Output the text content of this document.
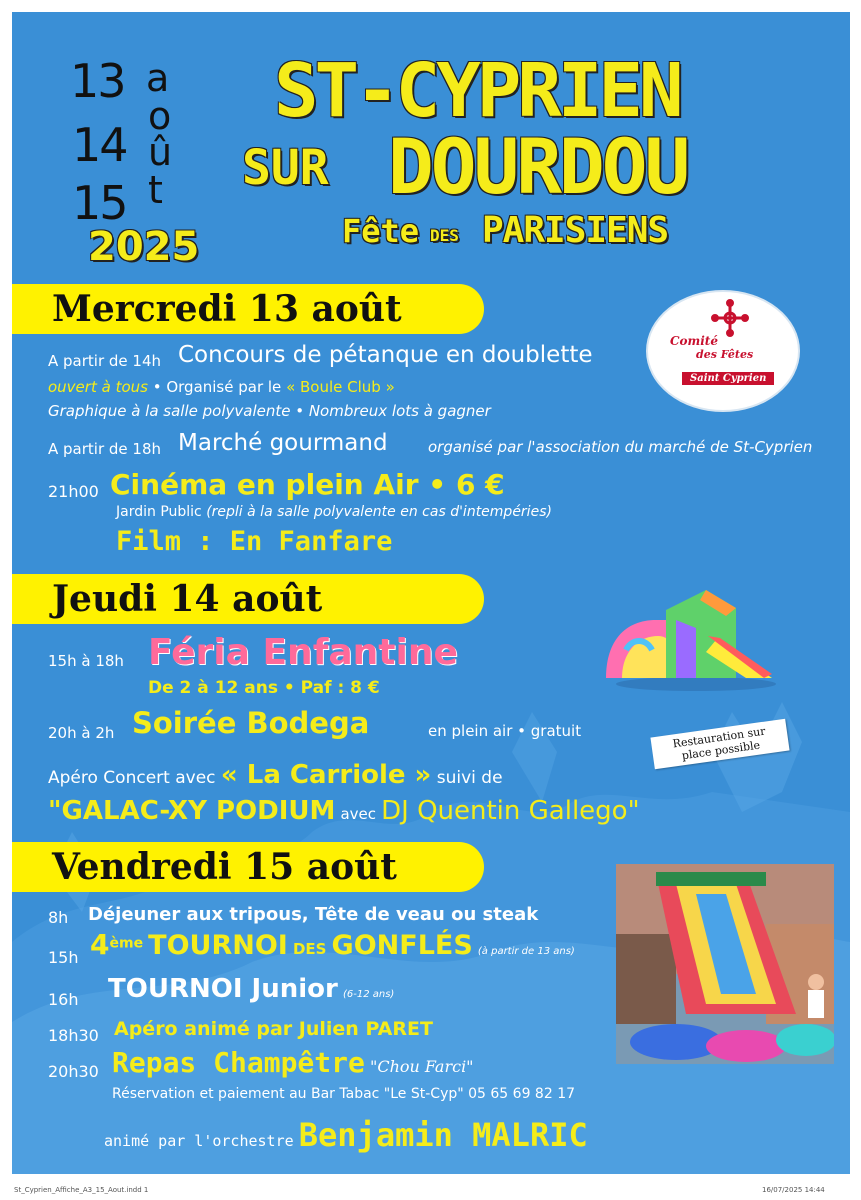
13
14
15
a
o
û
t
2025
ST-CYPRIEN
SUR DOURDOU
Fête DES PARISIENS
Comité
des Fêtes
Saint Cyprien
Mercredi 13 août
A partir de 14h Concours de pétanque en doublette
ouvert à tous • Organisé par le « Boule Club »
Graphique à la salle polyvalente • Nombreux lots à gagner
A partir de 18h Marché gourmand	organisé par l'association du marché de St-Cyprien
21h00 Cinéma en plein Air • 6 €
Jardin Public (repli à la salle polyvalente en cas d'intempéries)
Film : En Fanfare
Jeudi 14 août
15h à 18h Féria Enfantine
De 2 à 12 ans • Paf : 8 €
20h à 2h Soirée Bodega	en plein air • gratuit	Restauration sur place possible
Apéro Concert avec « La Carriole » suivi de
"GALAC-XY PODIUM avec DJ Quentin Gallego"
Vendredi 15 août
8h Déjeuner aux tripous, Tête de veau ou steak
15h 4ème TOURNOI DES GONFLÉS (à partir de 13 ans)
16h TOURNOI Junior (6-12 ans)
18h30 Apéro animé par Julien PARET
20h30 Repas Champêtre "Chou Farci"
Réservation et paiement au Bar Tabac "Le St-Cyp" 05 65 69 82 17
animé par l'orchestre Benjamin MALRIC
St_Cyprien_Affiche_A3_15_Aout.indd 1	16/07/2025 14:44
